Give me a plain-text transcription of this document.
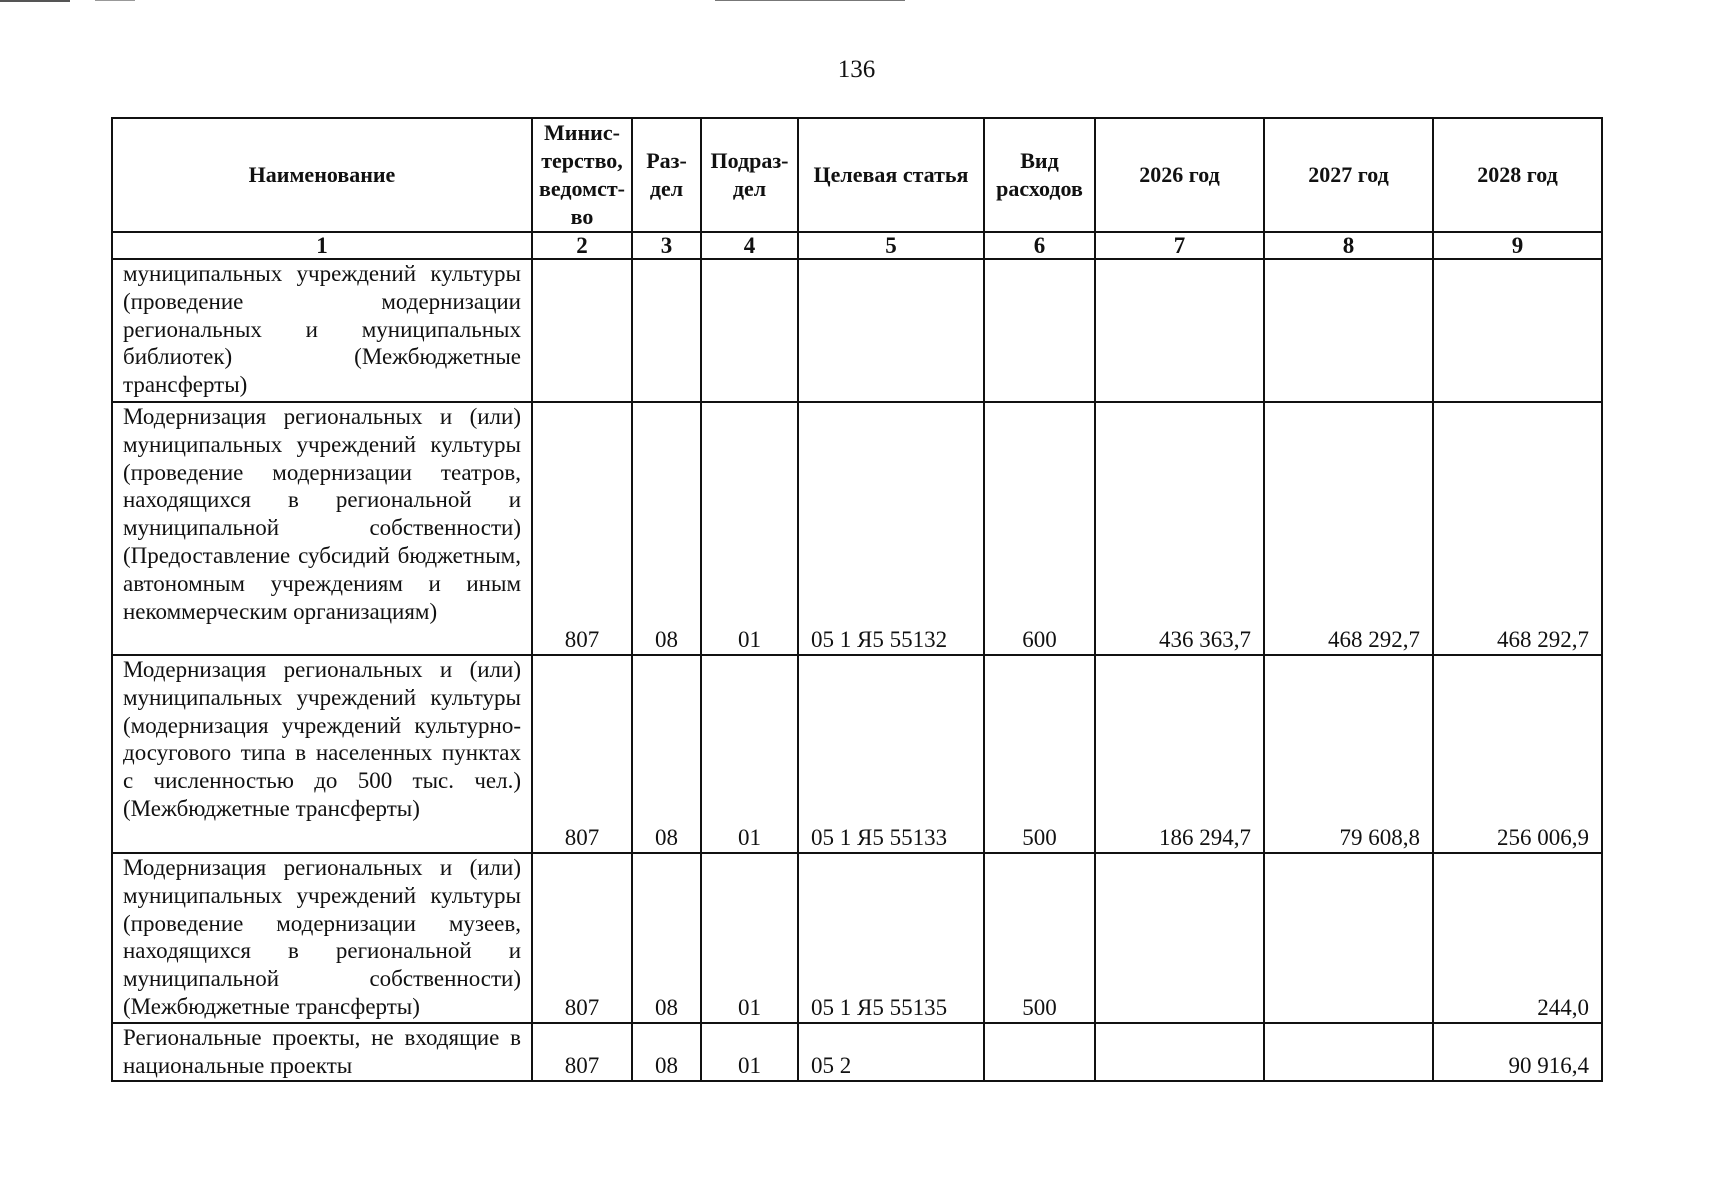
136
Наименование	Минис-терство, ведомст-во	Раз-дел	Подраз-дел	Целевая статья	Вид расходов	2026 год	2027 год	2028 год
1	2	3	4	5	6	7	8	9
муниципальных учреждений культуры (проведение модернизации региональных и муниципальных библиотек) (Межбюджетные трансферты)								
Модернизация региональных и (или) муниципальных учреждений культуры (проведение модернизации театров, находящихся в региональной и муниципальной собственности) (Предоставление субсидий бюджетным, автономным учреждениям и иным некоммерческим организациям)	807	08	01	05 1 Я5 55132	600	436 363,7	468 292,7	468 292,7
Модернизация региональных и (или) муниципальных учреждений культуры (модернизация учреждений культурно-досугового типа в населенных пунктах с численностью до 500 тыс. чел.) (Межбюджетные трансферты)	807	08	01	05 1 Я5 55133	500	186 294,7	79 608,8	256 006,9
Модернизация региональных и (или) муниципальных учреждений культуры (проведение модернизации музеев, находящихся в региональной и муниципальной собственности) (Межбюджетные трансферты)	807	08	01	05 1 Я5 55135	500			244,0
Региональные проекты, не входящие в национальные проекты	807	08	01	05 2				90 916,4
